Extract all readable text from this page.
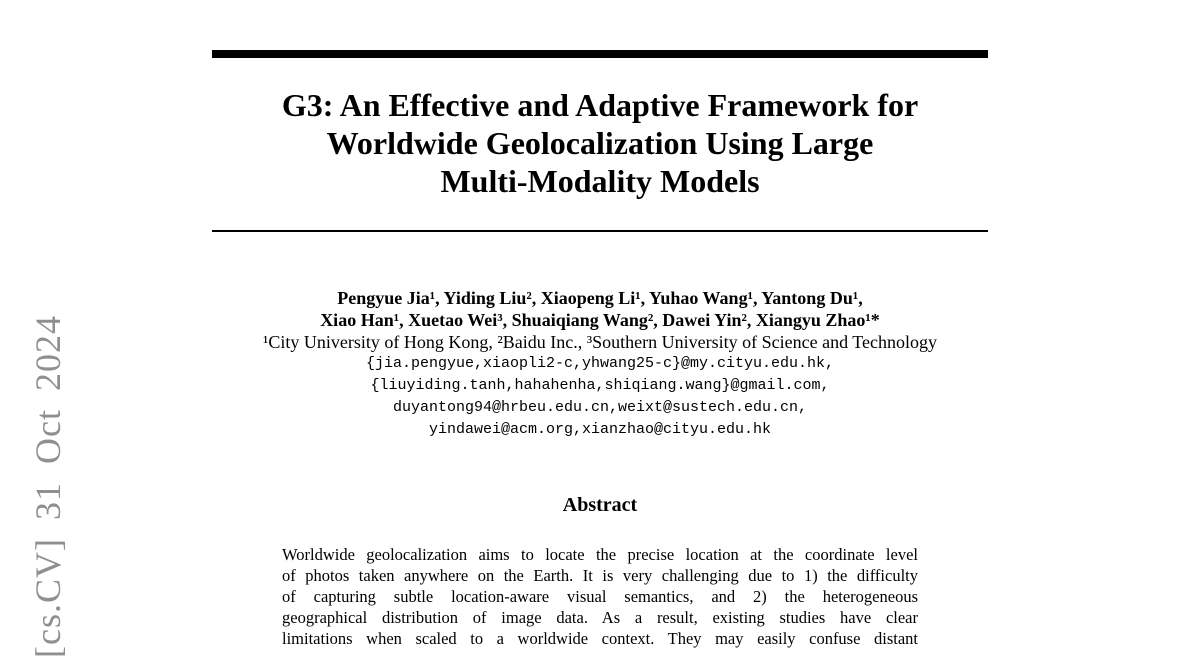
[cs.CV] 31 Oct 2024
G3: An Effective and Adaptive Framework for
Worldwide Geolocalization Using Large
Multi-Modality Models
Pengyue Jia¹, Yiding Liu², Xiaopeng Li¹, Yuhao Wang¹, Yantong Du¹,
Xiao Han¹, Xuetao Wei³, Shuaiqiang Wang², Dawei Yin², Xiangyu Zhao¹*
¹City University of Hong Kong, ²Baidu Inc., ³Southern University of Science and Technology
{jia.pengyue,xiaopli2-c,yhwang25-c}@my.cityu.edu.hk,
{liuyiding.tanh,hahahenha,shiqiang.wang}@gmail.com,
duyantong94@hrbeu.edu.cn,weixt@sustech.edu.cn,
yindawei@acm.org,xianzhao@cityu.edu.hk
Abstract
Worldwide geolocalization aims to locate the precise location at the coordinate level
of photos taken anywhere on the Earth. It is very challenging due to 1) the difficulty
of capturing subtle location-aware visual semantics, and 2) the heterogeneous
geographical distribution of image data. As a result, existing studies have clear
limitations when scaled to a worldwide context. They may easily confuse distant
